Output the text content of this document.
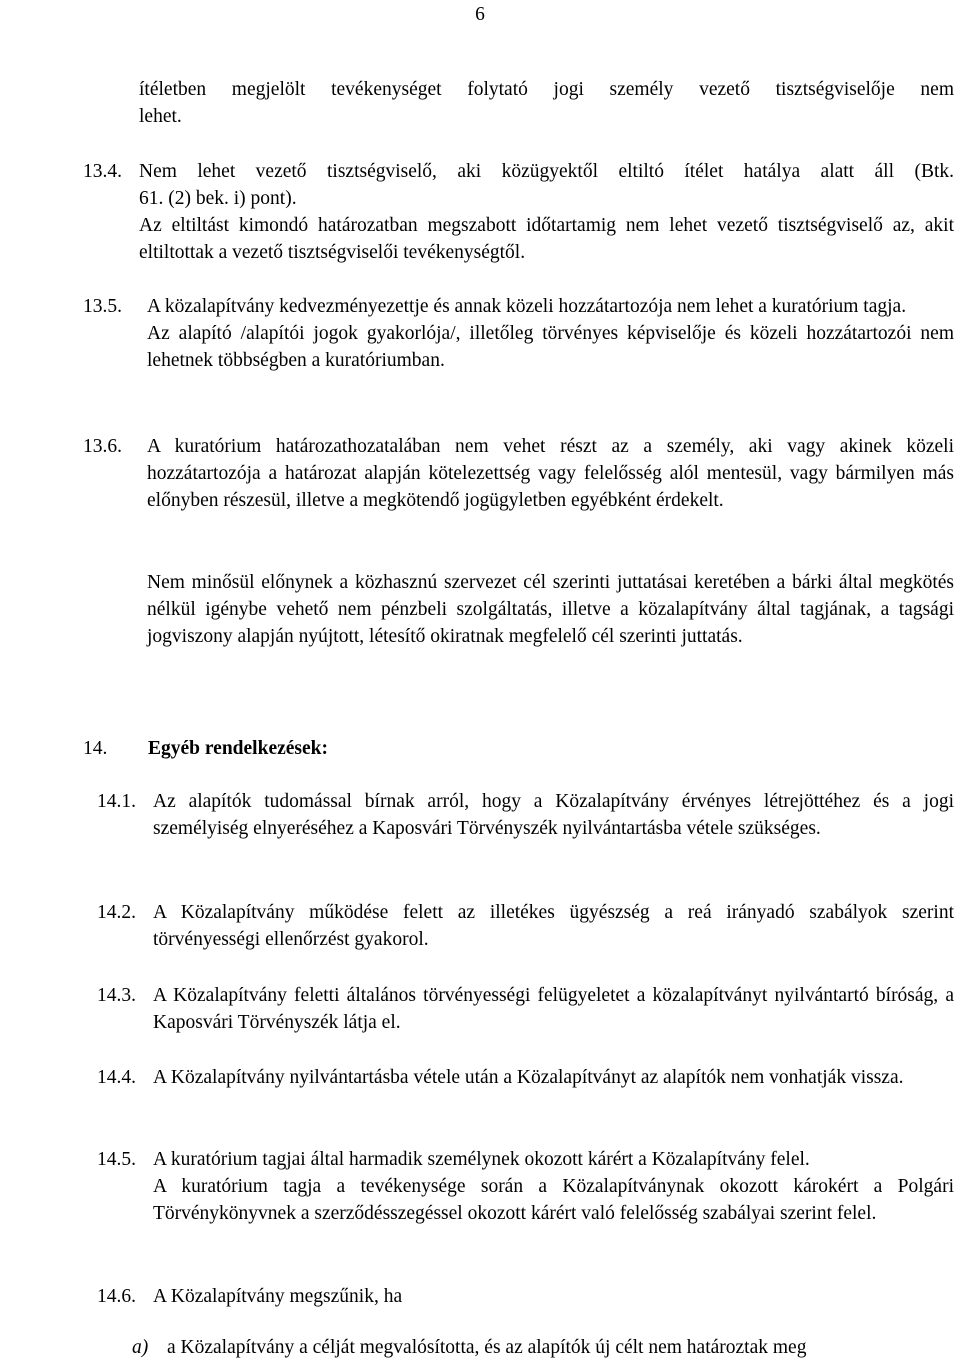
6

ítéletben megjelölt tevékenységet folytató jogi személy vezető tisztségviselője nem

lehet.

13.4. Nem lehet vezető tisztségviselő, aki közügyektől eltiltó ítélet hatálya alatt áll (Btk.

61. (2) bek. i) pont).

Az eltiltást kimondó határozatban megszabott időtartamig nem lehet vezető tisztségviselő az, akit eltiltottak a vezető tisztségviselői tevékenységtől.

13.5.	A közalapítvány kedvezményezettje és annak közeli hozzátartozója nem lehet a kuratórium tagja.

Az alapító /alapítói jogok gyakorlója/, illetőleg törvényes képviselője és közeli hozzátartozói nem lehetnek többségben a kuratóriumban.

13.6.	A kuratórium határozathozatalában nem vehet részt az a személy, aki vagy akinek közeli hozzátartozója a határozat alapján kötelezettség vagy felelősség alól mentesül, vagy bármilyen más előnyben részesül, illetve a megkötendő jogügyletben egyébként érdekelt.

Nem minősül előnynek a közhasznú szervezet cél szerinti juttatásai keretében a bárki által megkötés nélkül igénybe vehető nem pénzbeli szolgáltatás, illetve a közalapítvány által tagjának, a tagsági jogviszony alapján nyújtott, létesítő okiratnak megfelelő cél szerinti juttatás.

14. Egyéb rendelkezések:
14.1. Az alapítók tudomással bírnak arról, hogy a Közalapítvány érvényes létrejöttéhez és a jogi személyiség elnyeréséhez a Kaposvári Törvényszék nyilvántartásba vétele szükséges.

14.2. A Közalapítvány működése felett az illetékes ügyészség a reá irányadó szabályok szerint törvényességi ellenőrzést gyakorol.

14.3. A Közalapítvány feletti általános törvényességi felügyeletet a közalapítványt nyilvántartó bíróság, a Kaposvári Törvényszék látja el.

14.4. A Közalapítvány nyilvántartásba vétele után a Közalapítványt az alapítók nem vonhatják vissza.

14.5. A kuratórium tagjai által harmadik személynek okozott kárért a Közalapítvány felel.

A kuratórium tagja a tevékenysége során a Közalapítványnak okozott károkért a Polgári Törvénykönyvnek a szerződésszegéssel okozott kárért való felelősség szabályai szerint felel.

14.6. A Közalapítvány megszűnik, ha

a) a Közalapítvány a célját megvalósította, és az alapítók új célt nem határoztak meg
